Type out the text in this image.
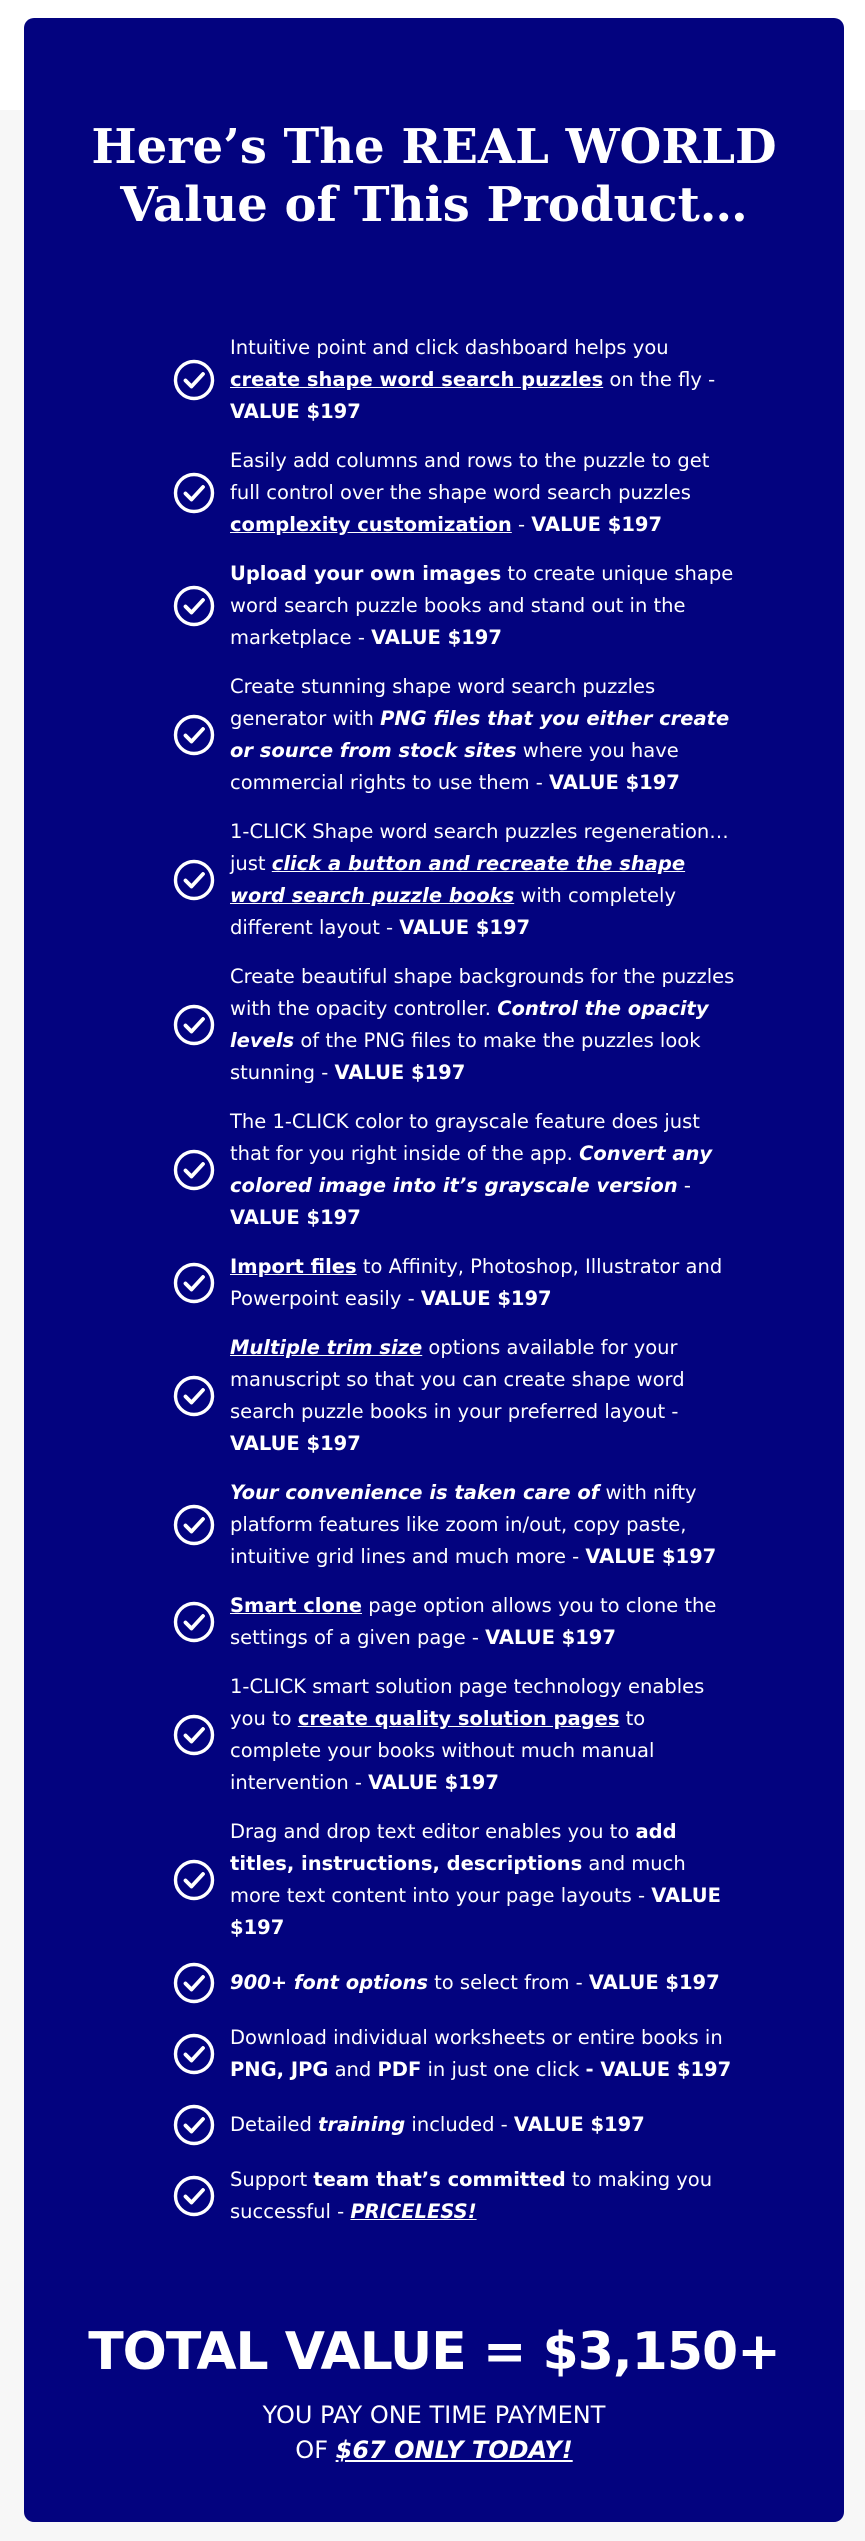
Here’s The REAL WORLD
Value of This Product…
Intuitive point and click dashboard helps you create shape word search puzzles on the fly - VALUE $197
Easily add columns and rows to the puzzle to get full control over the shape word search puzzles complexity customization - VALUE $197
Upload your own images to create unique shape word search puzzle books and stand out in the marketplace - VALUE $197
Create stunning shape word search puzzles generator with PNG files that you either create or source from stock sites where you have commercial rights to use them - VALUE $197
1-CLICK Shape word search puzzles regeneration…just click a button and recreate the shape word search puzzle books with completely different layout - VALUE $197
Create beautiful shape backgrounds for the puzzles with the opacity controller. Control the opacity levels of the PNG files to make the puzzles look stunning - VALUE $197
The 1-CLICK color to grayscale feature does just that for you right inside of the app. Convert any colored image into it’s grayscale version - VALUE $197
Import files to Affinity, Photoshop, Illustrator and Powerpoint easily - VALUE $197
Multiple trim size options available for your manuscript so that you can create shape word search puzzle books in your preferred layout - VALUE $197
Your convenience is taken care of with nifty platform features like zoom in/out, copy paste, intuitive grid lines and much more - VALUE $197
Smart clone page option allows you to clone the settings of a given page - VALUE $197
1-CLICK smart solution page technology enables you to create quality solution pages to complete your books without much manual intervention - VALUE $197
Drag and drop text editor enables you to add titles, instructions, descriptions and much more text content into your page layouts - VALUE $197
900+ font options to select from - VALUE $197
Download individual worksheets or entire books in PNG, JPG and PDF in just one click - VALUE $197
Detailed training included - VALUE $197
Support team that’s committed to making you successful - PRICELESS!
TOTAL VALUE = $3,150+
YOU PAY ONE TIME PAYMENT
OF $67 ONLY TODAY!
